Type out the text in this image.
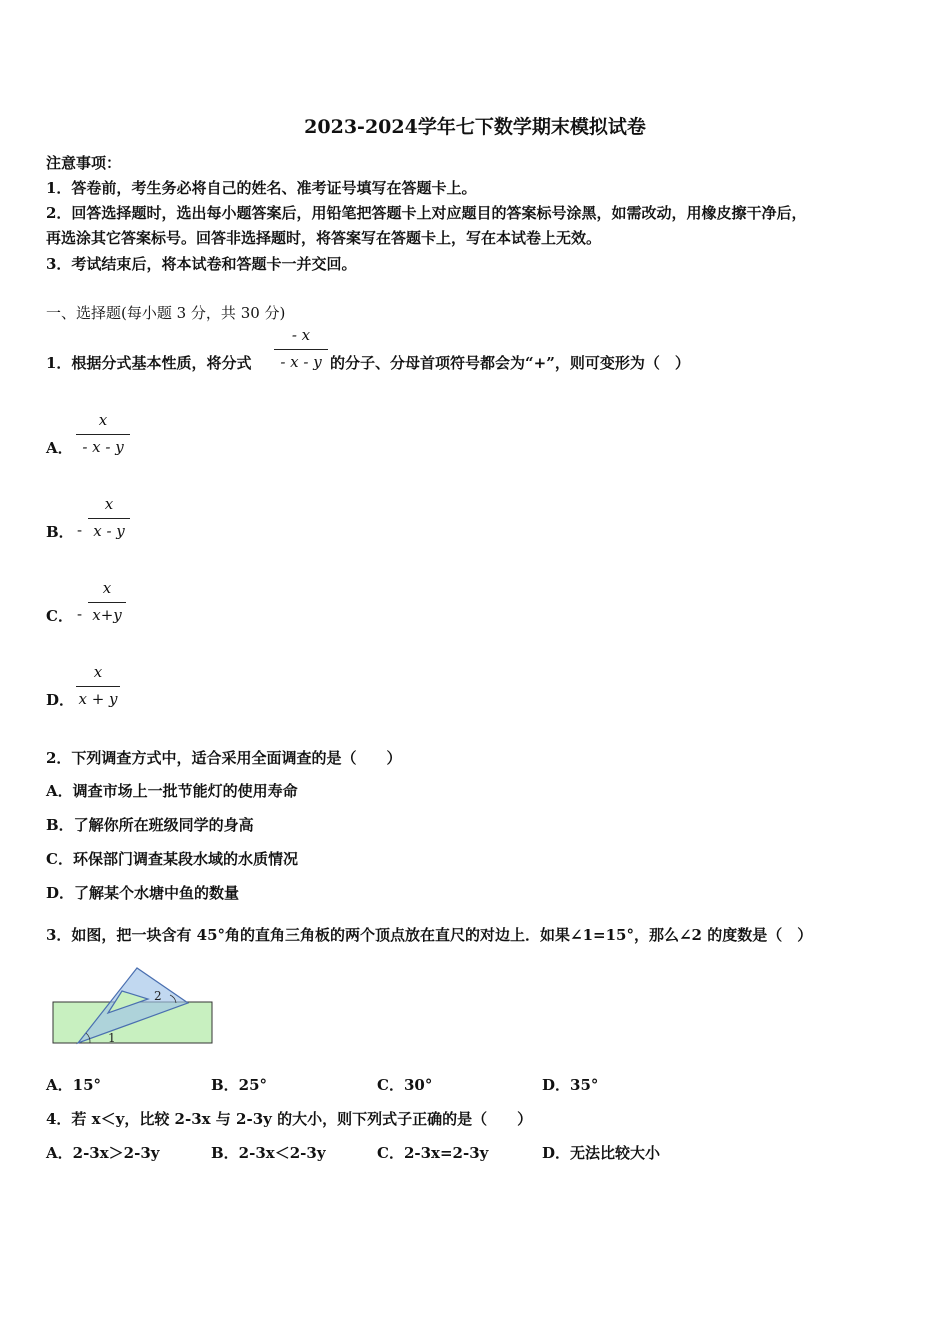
2023-2024学年七下数学期末模拟试卷
注意事项：
1．答卷前，考生务必将自己的姓名、准考证号填写在答题卡上。
2．回答选择题时，选出每小题答案后，用铅笔把答题卡上对应题目的答案标号涂黑，如需改动，用橡皮擦干净后，
再选涂其它答案标号。回答非选择题时，将答案写在答题卡上，写在本试卷上无效。
3．考试结束后，将本试卷和答题卡一并交回。
一、选择题(每小题 3 分，共 30 分)
1．根据分式基本性质，将分式
- x
- x - y 的分子、分母首项符号都会为“+”，则可变形为（　）
A．
x
- x - y
B． -
x
x - y
C． -
x
x+y
D．
x
x + y
2．下列调查方式中，适合采用全面调查的是（　　）
A．调查市场上一批节能灯的使用寿命
B．了解你所在班级同学的身高
C．环保部门调查某段水域的水质情况
D．了解某个水塘中鱼的数量
3．如图，把一块含有 45°角的直角三角板的两个顶点放在直尺的对边上．如果∠1=15°，那么∠2 的度数是（　）
2
1
A．15°	B．25°	C．30°	D．35°
4．若 x＜y，比较 2-3x 与 2-3y 的大小，则下列式子正确的是（　　）
A．2-3x＞2-3y	B．2-3x＜2-3y	C．2-3x=2-3y	D．无法比较大小
